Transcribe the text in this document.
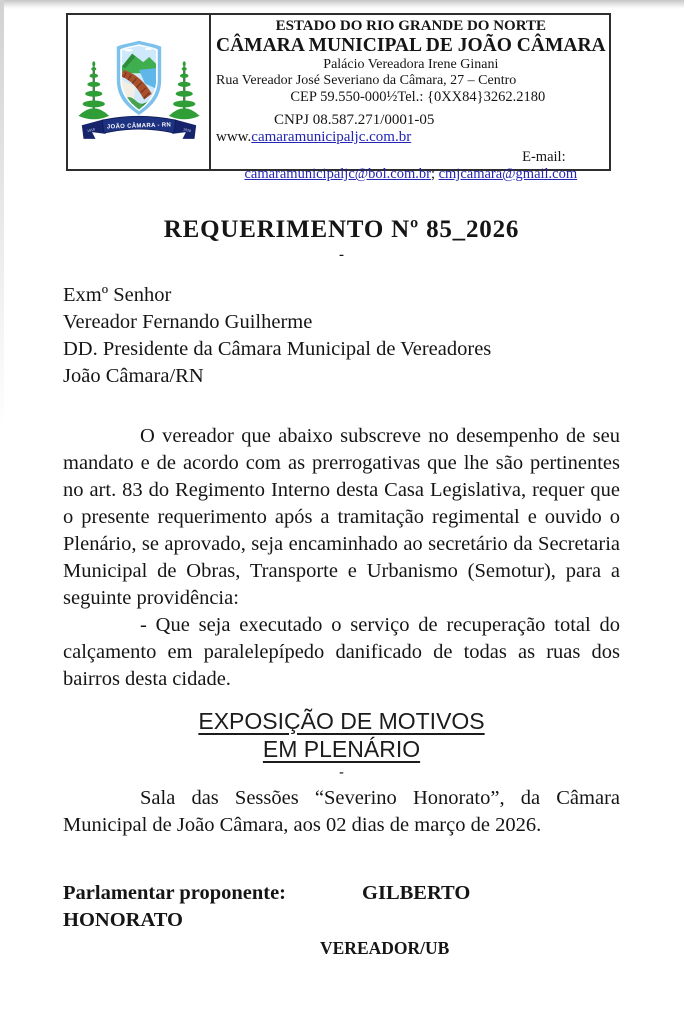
JOÃO CÂMARA - RN
1918	1928
ESTADO DO RIO GRANDE DO NORTE
CÂMARA MUNICIPAL DE JOÃO CÂMARA
Palácio Vereadora Irene Ginani
Rua Vereador José Severiano da Câmara, 27 – Centro
CEP 59.550-000½Tel.: {0XX84}3262.2180
CNPJ 08.587.271/0001-05
www.camaramunicipaljc.com.br
E-mail:
camaramunicipaljc@bol.com.br; cmjcamara@gmail.com
REQUERIMENTO Nº 85_2026
-
Exmº Senhor
Vereador Fernando Guilherme
DD. Presidente da Câmara Municipal de Vereadores
João Câmara/RN

O vereador que abaixo subscreve no desempenho de seu mandato e de acordo com as prerrogativas que lhe são pertinentes no art. 83 do Regimento Interno desta Casa Legislativa, requer que o presente requerimento após a tramitação regimental e ouvido o Plenário, se aprovado, seja encaminhado ao secretário da Secretaria Municipal de Obras, Transporte e Urbanismo (Semotur), para a seguinte providência:

- Que seja executado o serviço de recuperação total do calçamento em paralelepípedo danificado de todas as ruas dos bairros desta cidade.

EXPOSIÇÃO DE MOTIVOS
EM PLENÁRIO
-
Sala das Sessões “Severino Honorato”, da Câmara Municipal de João Câmara, aos 02 dias de março de 2026.
Parlamentar proponente:	GILBERTO
HONORATO
VEREADOR/UB
